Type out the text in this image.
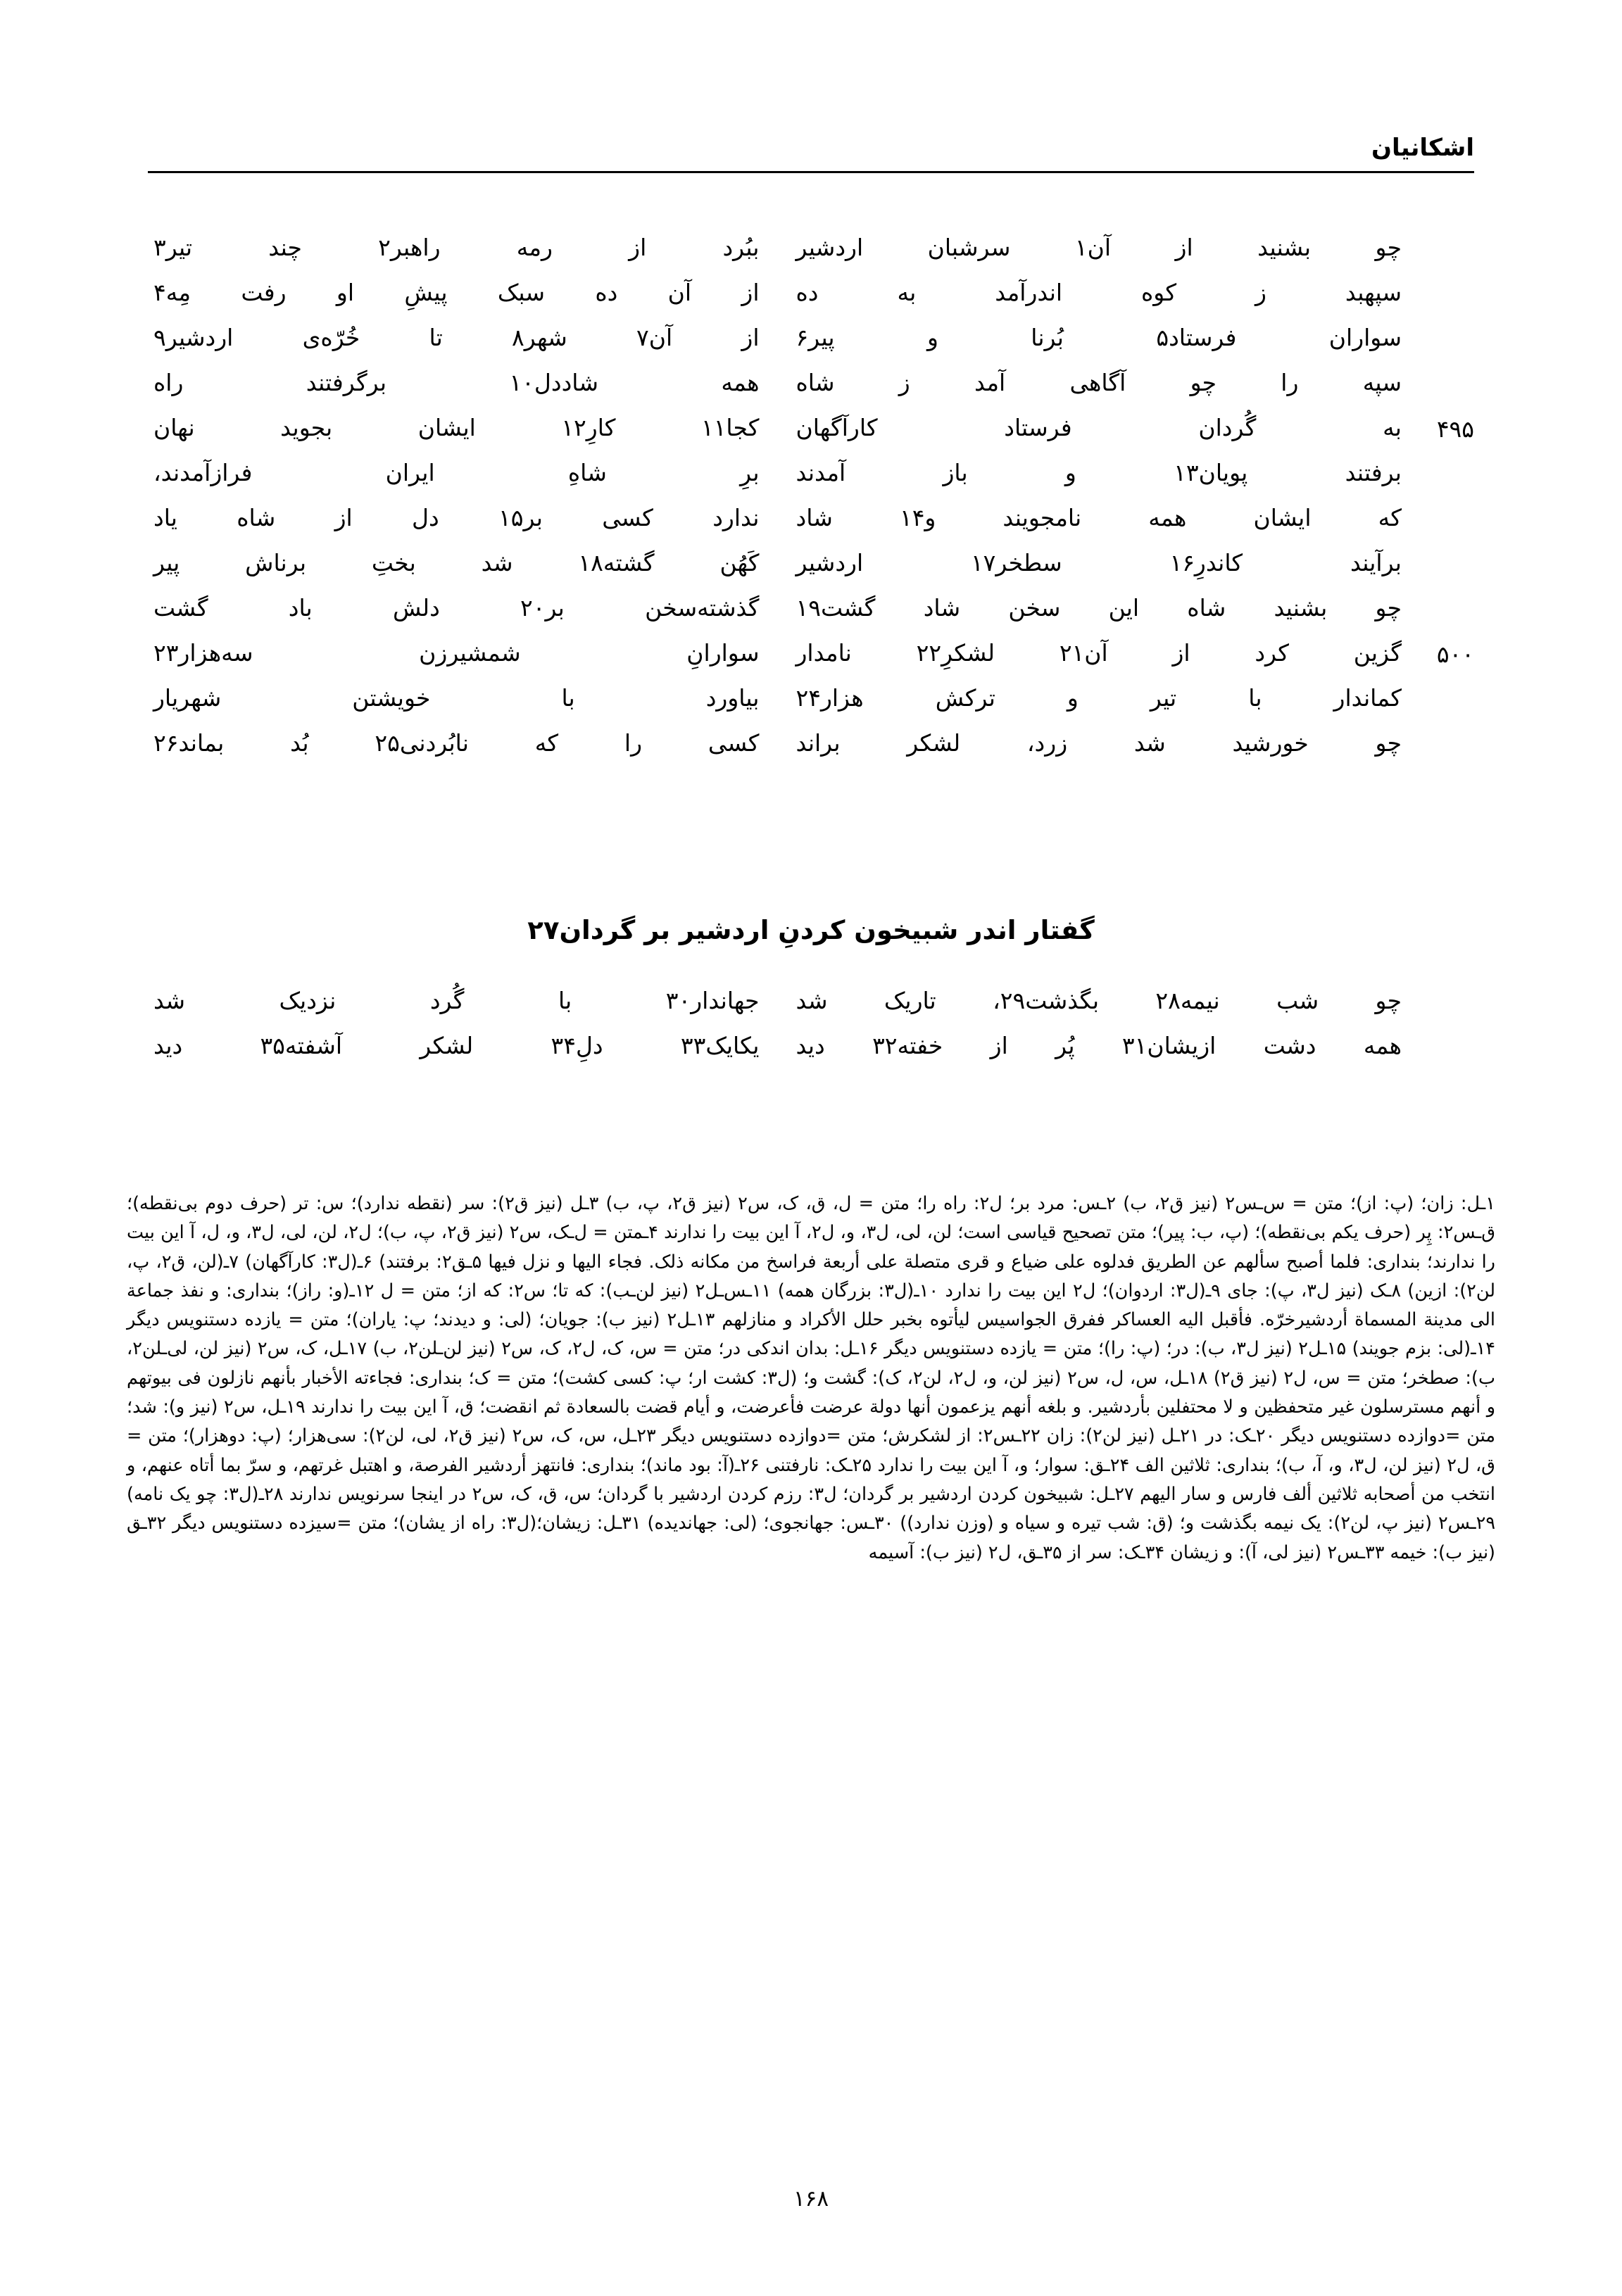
اشکانیان
چو بشنید از آن۱ سرشبان اردشیر
ببُرد از رمه راهبر۲ چند تیر۳
سپهبد ز کوه اندرآمد به ده
از آن ده سبک پیشِ او رفت مِه۴
سواران فرستاد۵ بُرنا و پیر۶
از آن۷ شهر۸ تا خُرّه‌ی اردشیر۹
سپه را چو آگاهی آمد ز شاه
همه شاددل۱۰ برگرفتند راه
۴۹۵
به گُردان فرستاد کارآگهان
کجا۱۱ کارِ۱۲ ایشان بجوید نهان
برفتند پویان۱۳ و باز آمدند
برِ شاهِ ایران فرازآمدند،
که ایشان همه نامجویند و۱۴ شاد
ندارد کسی بر۱۵ دل از شاه یاد
برآیند کاندرِ۱۶ سطخر۱۷ اردشیر
کَهُن گشته۱۸ شد بختِ برناش پیر
چو بشنید شاه این سخن شاد گشت۱۹
گذشته‌سخن بر۲۰ دلش باد گشت
۵۰۰
گزین کرد از آن۲۱ لشکرِ۲۲ نامدار
سوارانِ شمشیرزن سه‌هزار۲۳
کماندار با تیر و ترکش هزار۲۴
بیاورد با خویشتن شهریار
چو خورشید شد زرد، لشکر براند
کسی را که نابُردنی۲۵ بُد بماند۲۶
گفتار اندر شبیخون کردنِ اردشیر بر گردان۲۷
چو شب نیمه۲۸ بگذشت۲۹، تاریک شد
جهاندار۳۰ با گُرد نزدیک شد
همه دشت ازیشان۳۱ پُر از خفته۳۲ دید
یکایک۳۳ دلِ۳۴ لشکر آشفته۳۵ دید
۱ـل: زان؛ (پ: از)؛ متن = س‌ـس۲ (نیز ق۲، ب) ۲ـس: مرد بر؛ ل۲: راه را؛ متن = ل، ق، ک، س۲ (نیز ق۲، پ، ب) ۳ـل (نیز ق۲): سر (نقطه ندارد)؛ س: تر (حرف دوم بی‌نقطه)؛ ق‌ـس۲: پِر (حرف یکم بی‌نقطه)؛ (پ، ب: پیر)؛ متن تصحیح قیاسی است؛ لن، لی، ل۳، و، ل۲، آ این بیت را ندارند ۴ـمتن = ل‌ـک، س۲ (نیز ق۲، پ، ب)؛ ل۲، لن، لی، ل۳، و، ل، آ این بیت را ندارند؛ بنداری: فلما أصبح سألهم عن الطریق فدلوه علی ضیاع و قری متصلة علی أربعة فراسخ من مکانه ذلک. فجاء الیها و نزل فیها ۵ـق۲: برفتند) ۶ـ(ل۳: کارآگهان) ۷ـ(لن، ق۲، پ، لن۲): ازین) ۸ـک (نیز ل۳، پ): جای ۹ـ(ل۳: اردوان)؛ ل۲ این بیت را ندارد ۱۰ـ(ل۳: بزرگان همه) ۱۱ـس‌ـل۲ (نیز لن‌ـب): که تا؛ س۲: که از؛ متن = ل ۱۲ـ(و: راز)؛ بنداری: و نفذ جماعة الی مدینة المسماة أردشیرخرّه. فأقبل الیه العساکر ففرق الجواسیس لیأتوه بخبر حلل الأکراد و منازلهم ۱۳ـل۲ (نیز ب): جویان؛ (لی: و دیدند؛ پ: یاران)؛ متن = یازده دستنویس دیگر ۱۴ـ(لی: بزم جویند) ۱۵ـل۲ (نیز ل۳، ب): در؛ (پ: را)؛ متن = یازده دستنویس دیگر ۱۶ـل: بدان اندکی در؛ متن = س، ک، ل۲، ک، س۲ (نیز لن‌ـلن۲، ب) ۱۷ـل، ک، س۲ (نیز لن، لی‌ـلن۲، ب): صطخر؛ متن = س، ل۲ (نیز ق۲) ۱۸ـل، س، ل، س۲ (نیز لن، و، ل۲، لن۲، ک): گشت و؛ (ل۳: کشت ار؛ پ: کسی کشت)؛ متن = ک؛ بنداری: فجاءته الأخبار بأنهم نازلون فی بیوتهم و أنهم مسترسلون غیر متحفظین و لا محتفلین بأردشیر. و بلغه أنهم یزعمون أنها دولة عرضت فأعرضت، و أیام قضت بالسعادة ثم انقضت؛ ق، آ این بیت را ندارند ۱۹ـل، س۲ (نیز و): شد؛ متن =دوازده دستنویس دیگر ۲۰ـک: در ۲۱ـل (نیز لن۲): زان ۲۲ـس۲: از لشکرش؛ متن =دوازده دستنویس دیگر ۲۳ـل، س، ک، س۲ (نیز ق۲، لی، لن۲): سی‌هزار؛ (پ: دوهزار)؛ متن = ق، ل۲ (نیز لن، ل۳، و، آ، ب)؛ بنداری: ثلاثین الف ۲۴ـق: سوار؛ و، آ این بیت را ندارد ۲۵ـک: نارفتنی ۲۶ـ(آ: بود ماند)؛ بنداری: فانتهز أردشیر الفرصة، و اهتبل غرتهم، و سرّ بما أتاه عنهم، و انتخب من أصحابه ثلاثین ألف فارس و سار الیهم ۲۷ـل: شبیخون کردن اردشیر بر گردان؛ ل۳: رزم کردن اردشیر با گردان؛ س، ق، ک، س۲ در اینجا سرنویس ندارند ۲۸ـ(ل۳: چو یک نامه) ۲۹ـس۲ (نیز پ، لن۲): یک نیمه بگذشت و؛ (ق: شب تیره و سیاه و (وزن ندارد)) ۳۰ـس: جهانجوی؛ (لی: جهاندیده) ۳۱ـل: زیشان؛(ل۳: راه از یشان)؛ متن =سیزده دستنویس دیگر ۳۲ـق (نیز ب): خیمه ۳۳ـس۲ (نیز لی، آ): و زیشان ۳۴ـک: سر از ۳۵ـق، ل۲ (نیز ب): آسیمه
۱۶۸
